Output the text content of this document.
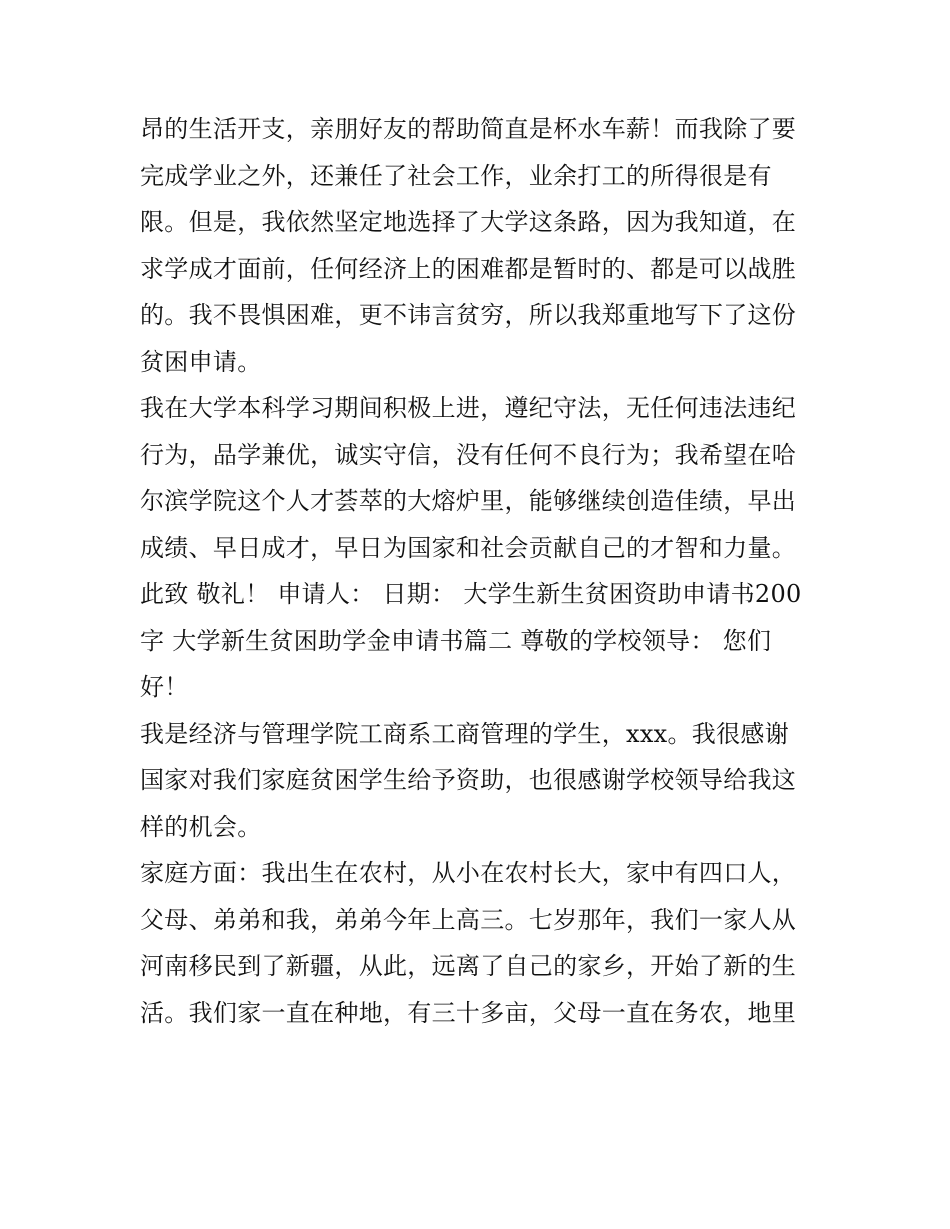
昂的生活开支，亲朋好友的帮助简直是杯水车薪！而我除了要
完成学业之外，还兼任了社会工作，业余打工的所得很是有
限。但是，我依然坚定地选择了大学这条路，因为我知道，在
求学成才面前，任何经济上的困难都是暂时的、都是可以战胜
的。我不畏惧困难，更不讳言贫穷，所以我郑重地写下了这份
贫困申请。
我在大学本科学习期间积极上进，遵纪守法，无任何违法违纪
行为，品学兼优，诚实守信，没有任何不良行为；我希望在哈
尔滨学院这个人才荟萃的大熔炉里，能够继续创造佳绩，早出
成绩、早日成才，早日为国家和社会贡献自己的才智和力量。
此致 敬礼！ 申请人： 日期： 大学生新生贫困资助申请书200
字 大学新生贫困助学金申请书篇二 尊敬的学校领导： 您们
好！
我是经济与管理学院工商系工商管理的学生，xxx。我很感谢
国家对我们家庭贫困学生给予资助，也很感谢学校领导给我这
样的机会。
家庭方面：我出生在农村，从小在农村长大，家中有四口人，
父母、弟弟和我，弟弟今年上高三。七岁那年，我们一家人从
河南移民到了新疆，从此，远离了自己的家乡，开始了新的生
活。我们家一直在种地，有三十多亩，父母一直在务农，地里
